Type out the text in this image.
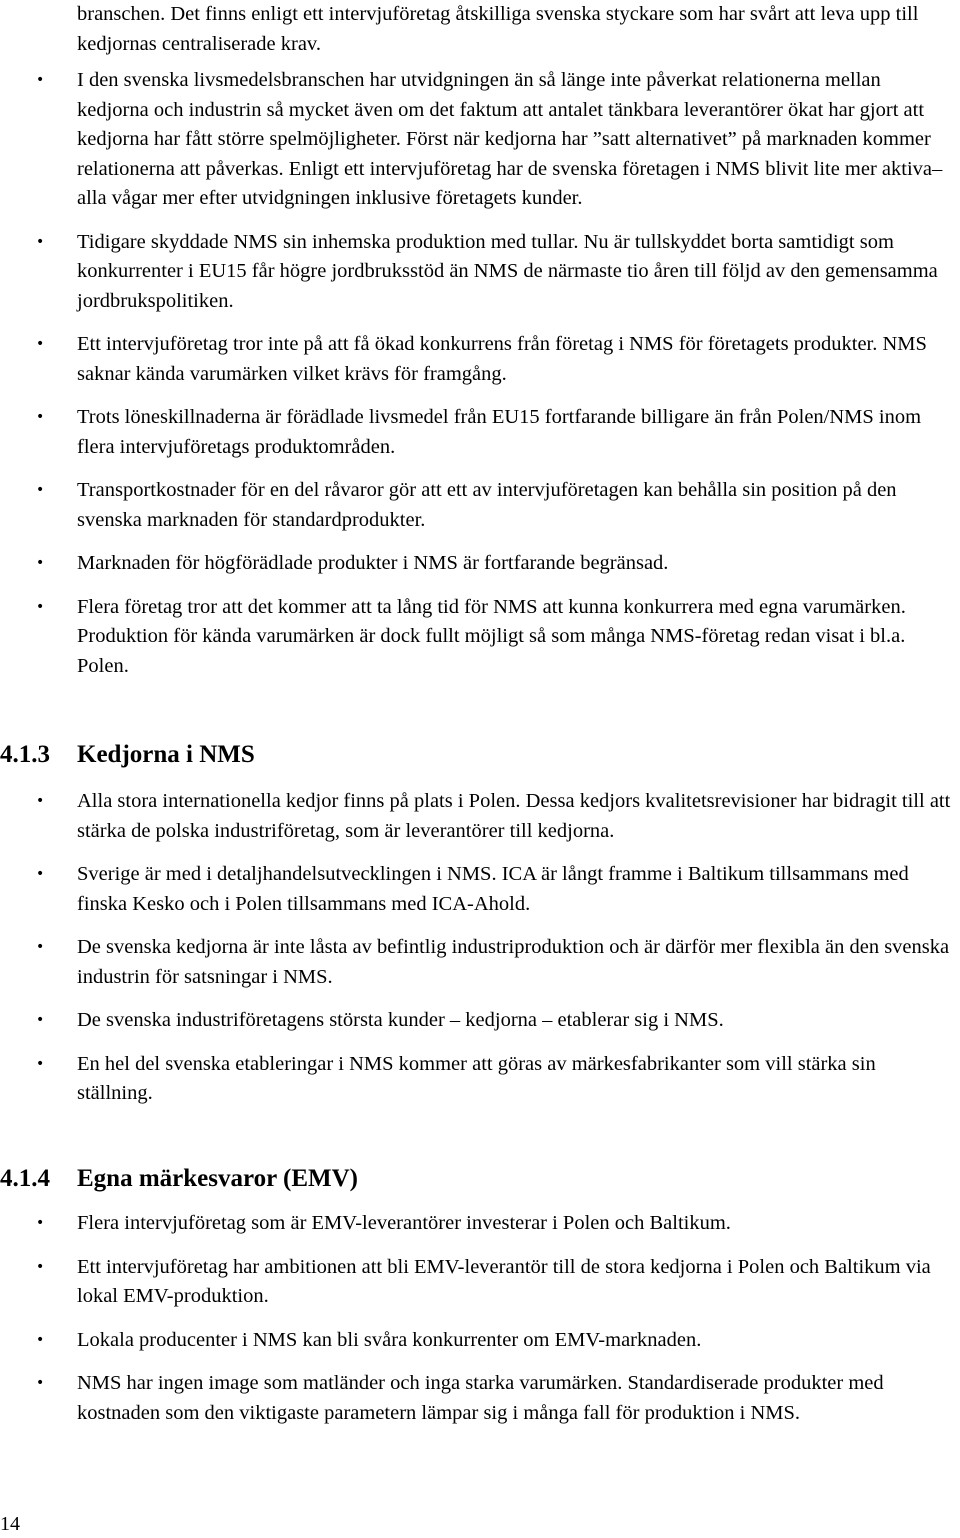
branschen. Det finns enligt ett intervjuföretag åtskilliga svenska styckare som har svårt att leva upp till kedjornas centraliserade krav.

• I den svenska livsmedelsbranschen har utvidgningen än så länge inte påverkat relationerna mellan kedjorna och industrin så mycket även om det faktum att antalet tänkbara leverantörer ökat har gjort att kedjorna har fått större spelmöjligheter. Först när kedjorna har ”satt alternativet” på marknaden kommer relationerna att påverkas. Enligt ett intervjuföretag har de svenska företagen i NMS blivit lite mer aktiva– alla vågar mer efter utvidgningen inklusive företagets kunder.
• Tidigare skyddade NMS sin inhemska produktion med tullar. Nu är tullskyddet borta samtidigt som konkurrenter i EU15 får högre jordbruksstöd än NMS de närmaste tio åren till följd av den gemensamma jordbrukspolitiken.
• Ett intervjuföretag tror inte på att få ökad konkurrens från företag i NMS för företagets produkter. NMS saknar kända varumärken vilket krävs för framgång.
• Trots löneskillnaderna är förädlade livsmedel från EU15 fortfarande billigare än från Polen/NMS inom flera intervjuföretags produktområden.
• Transportkostnader för en del råvaror gör att ett av intervjuföretagen kan behålla sin position på den svenska marknaden för standardprodukter.
• Marknaden för högförädlade produkter i NMS är fortfarande begränsad.
• Flera företag tror att det kommer att ta lång tid för NMS att kunna konkurrera med egna varumärken. Produktion för kända varumärken är dock fullt möjligt så som många NMS-företag redan visat i bl.a. Polen.
4.1.3 Kedjorna i NMS
• Alla stora internationella kedjor finns på plats i Polen. Dessa kedjors kvalitetsrevisioner har bidragit till att stärka de polska industriföretag, som är leverantörer till kedjorna.
• Sverige är med i detaljhandelsutvecklingen i NMS. ICA är långt framme i Baltikum tillsammans med finska Kesko och i Polen tillsammans med ICA-Ahold.
• De svenska kedjorna är inte låsta av befintlig industriproduktion och är därför mer flexibla än den svenska industrin för satsningar i NMS.
• De svenska industriföretagens största kunder – kedjorna – etablerar sig i NMS.
• En hel del svenska etableringar i NMS kommer att göras av märkesfabrikanter som vill stärka sin ställning.
4.1.4 Egna märkesvaror (EMV)
• Flera intervjuföretag som är EMV-leverantörer investerar i Polen och Baltikum.
• Ett intervjuföretag har ambitionen att bli EMV-leverantör till de stora kedjorna i Polen och Baltikum via lokal EMV-produktion.
• Lokala producenter i NMS kan bli svåra konkurrenter om EMV-marknaden.
• NMS har ingen image som matländer och inga starka varumärken. Standardiserade produkter med kostnaden som den viktigaste parametern lämpar sig i många fall för produktion i NMS.
14
